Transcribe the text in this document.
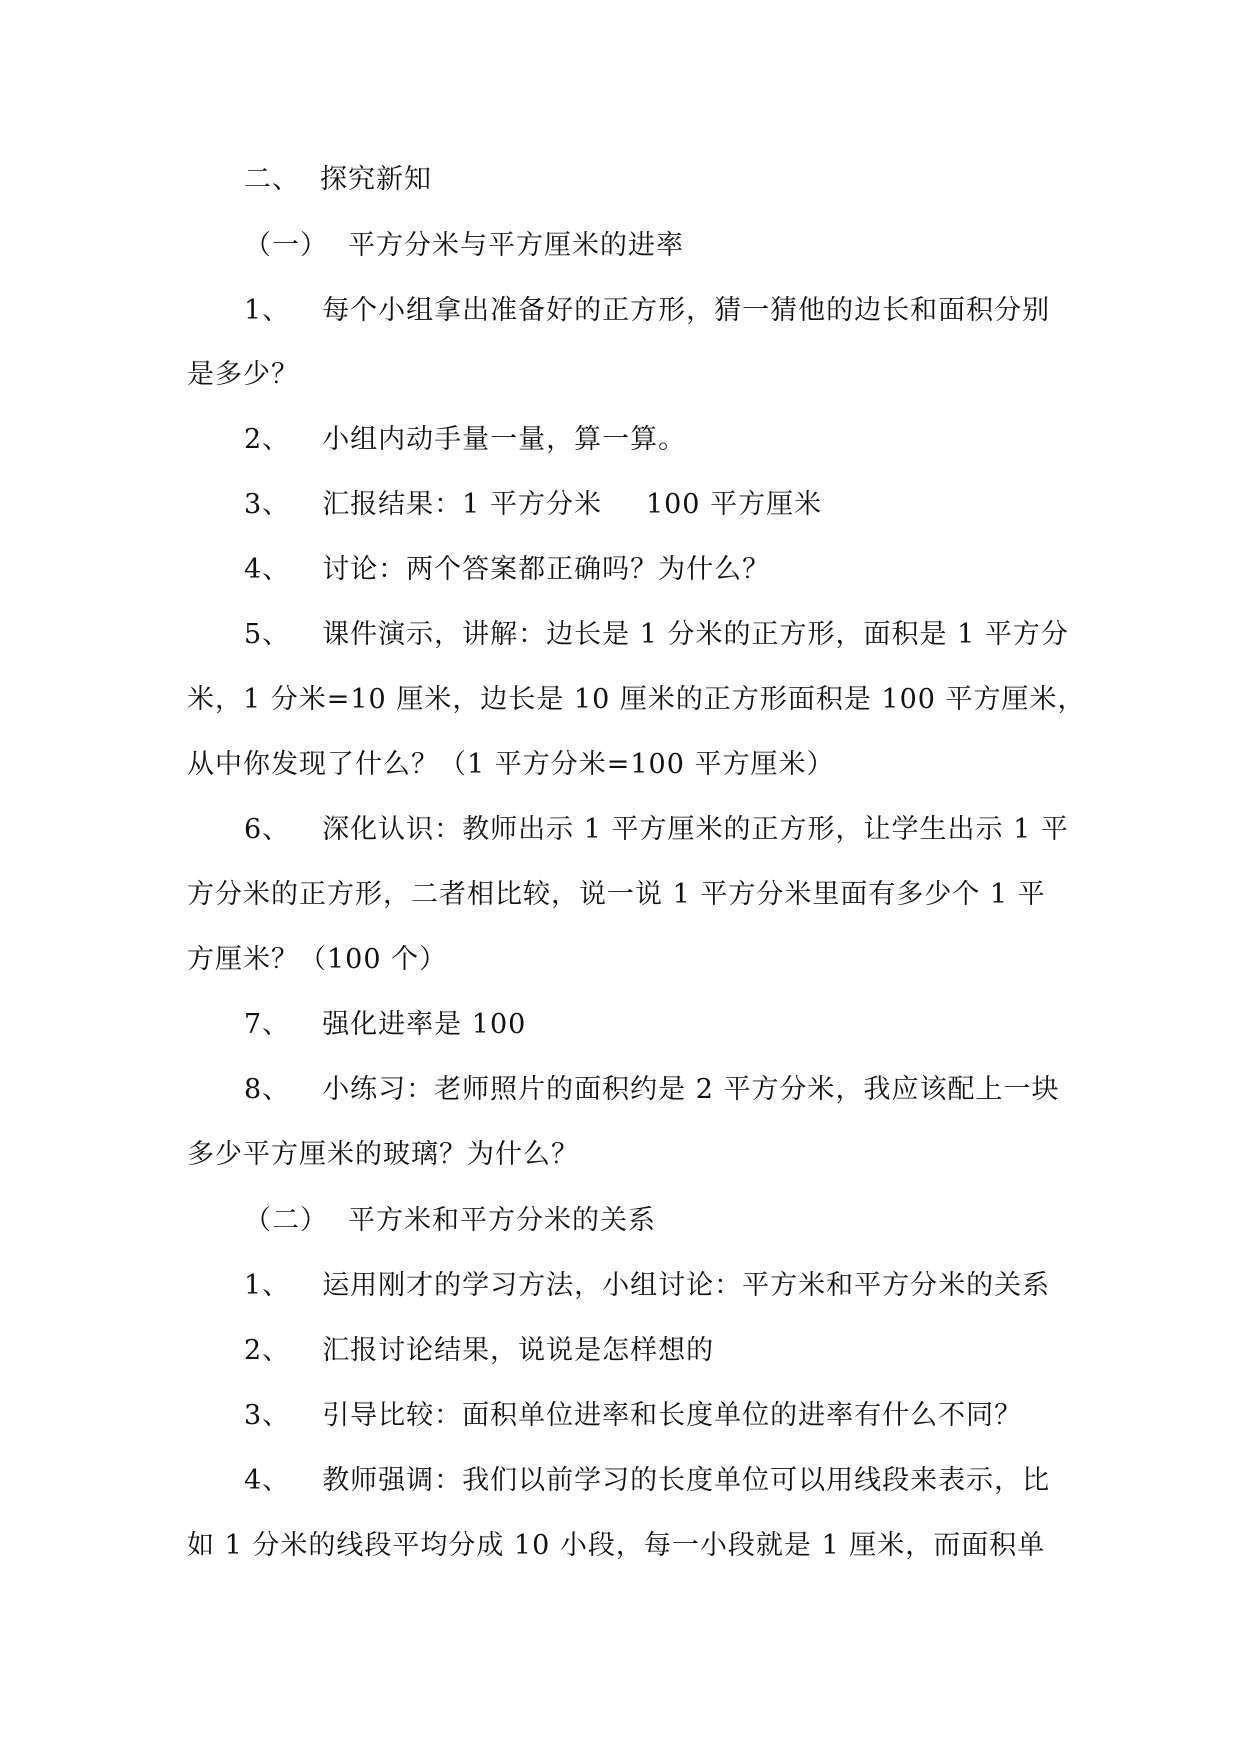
二、 探究新知
（一） 平方分米与平方厘米的进率
1、 每个小组拿出准备好的正方形，猜一猜他的边长和面积分别
是多少？
2、 小组内动手量一量，算一算。
3、 汇报结果：1 平方分米 100 平方厘米
4、 讨论：两个答案都正确吗？为什么？
5、 课件演示，讲解：边长是 1 分米的正方形，面积是 1 平方分
米，1 分米=10 厘米，边长是 10 厘米的正方形面积是 100 平方厘米，
从中你发现了什么？（1 平方分米=100 平方厘米）
6、 深化认识：教师出示 1 平方厘米的正方形，让学生出示 1 平
方分米的正方形，二者相比较，说一说 1 平方分米里面有多少个 1 平
方厘米？（100 个）
7、 强化进率是 100
8、 小练习：老师照片的面积约是 2 平方分米，我应该配上一块
多少平方厘米的玻璃？为什么？
（二） 平方米和平方分米的关系
1、 运用刚才的学习方法，小组讨论：平方米和平方分米的关系
2、 汇报讨论结果，说说是怎样想的
3、 引导比较：面积单位进率和长度单位的进率有什么不同？
4、 教师强调：我们以前学习的长度单位可以用线段来表示，比
如 1 分米的线段平均分成 10 小段，每一小段就是 1 厘米，而面积单
